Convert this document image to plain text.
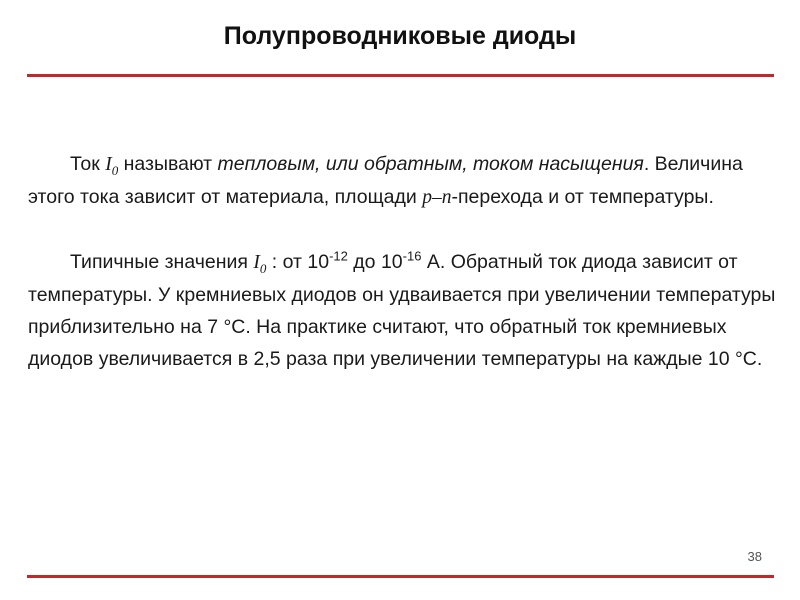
Полупроводниковые диоды

Ток $I_0$ называют тепловым, или обратным, током насыщения. Величина этого тока зависит от материала, площади p–n-перехода и от температуры.

Типичные значения $I_0$ : от $10^{-12}$ до $10^{-16}$ А. Обратный ток диода зависит от температуры. У кремниевых диодов он удваивается при увеличении температуры приблизительно на 7 °С. На практике считают, что обратный ток кремниевых диодов увеличивается в 2,5 раза при увеличении температуры на каждые 10 °С.

38
